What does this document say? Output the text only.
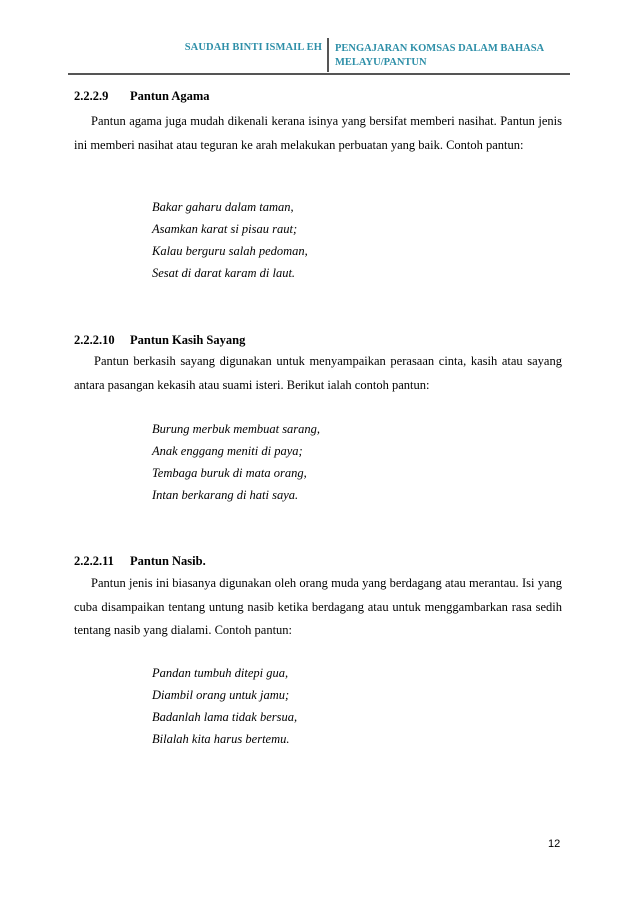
SAUDAH BINTI ISMAIL EH PENGAJARAN KOMSAS DALAM BAHASA
MELAYU/PANTUN
2.2.2.9 Pantun Agama

Pantun agama juga mudah dikenali kerana isinya yang bersifat memberi nasihat. Pantun jenis ini memberi nasihat atau teguran ke arah melakukan perbuatan yang baik. Contoh pantun:

Bakar gaharu dalam taman,
Asamkan karat si pisau raut;
Kalau berguru salah pedoman,
Sesat di darat karam di laut.
2.2.2.10 Pantun Kasih Sayang

Pantun berkasih sayang digunakan untuk menyampaikan perasaan cinta, kasih atau sayang antara pasangan kekasih atau suami isteri. Berikut ialah contoh pantun:

Burung merbuk membuat sarang,
Anak enggang meniti di paya;
Tembaga buruk di mata orang,
Intan berkarang di hati saya.
2.2.2.11 Pantun Nasib.

Pantun jenis ini biasanya digunakan oleh orang muda yang berdagang atau merantau. Isi yang cuba disampaikan tentang untung nasib ketika berdagang atau untuk menggambarkan rasa sedih tentang nasib yang dialami. Contoh pantun:

Pandan tumbuh ditepi gua,
Diambil orang untuk jamu;
Badanlah lama tidak bersua,
Bilalah kita harus bertemu.
12
